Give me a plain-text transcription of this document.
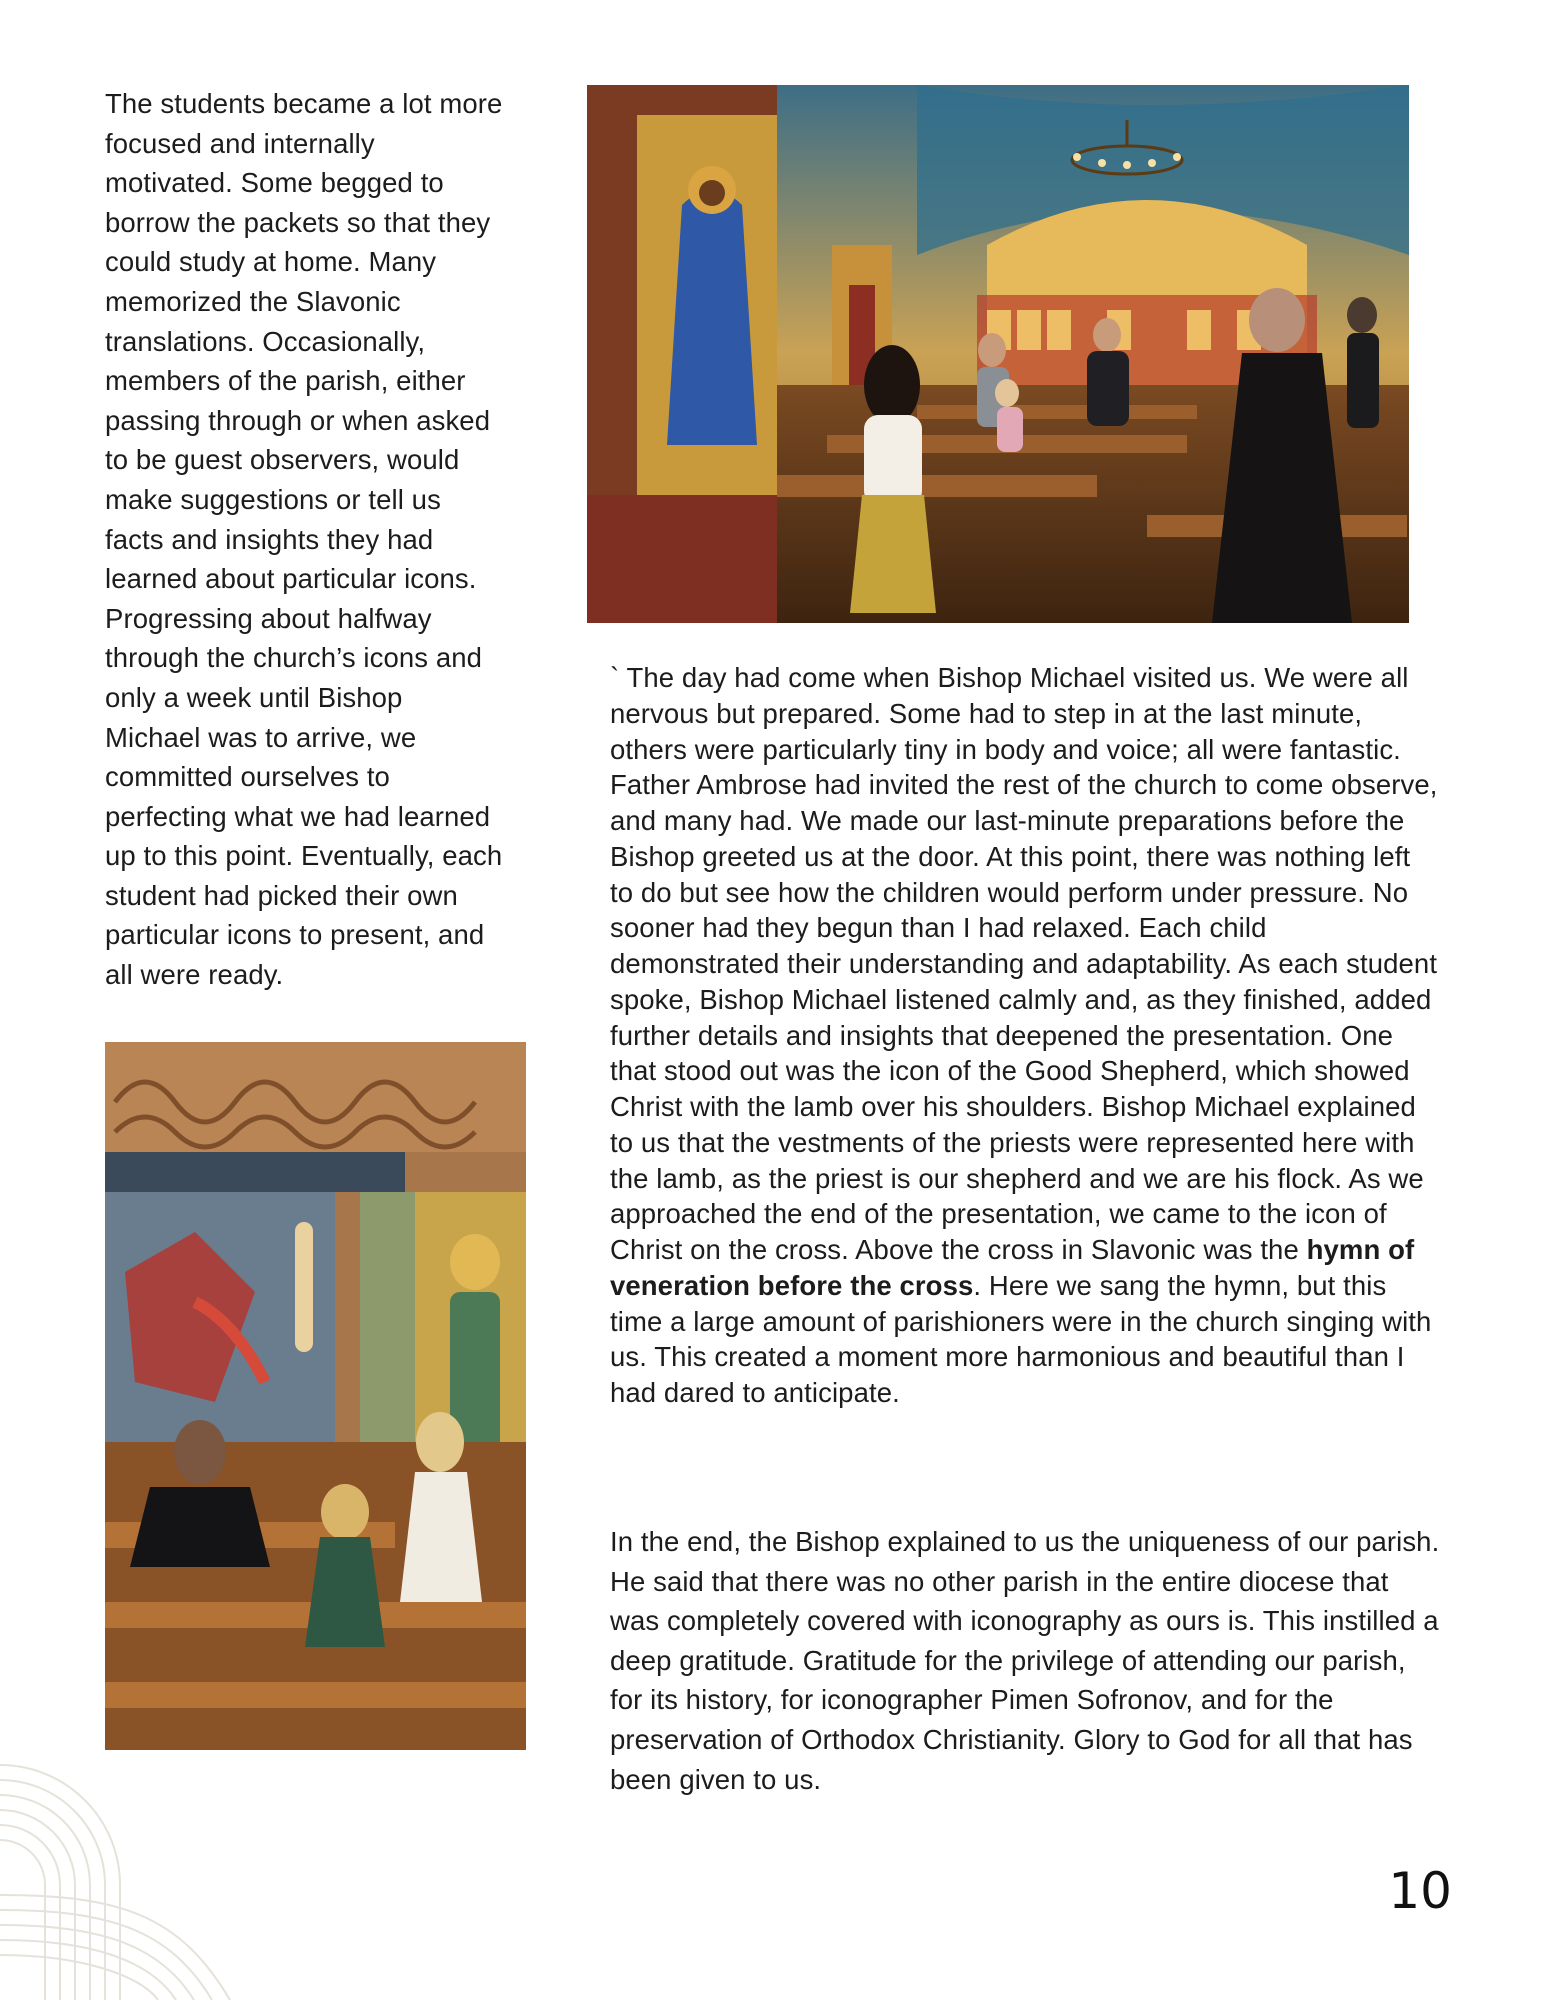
The students became a lot more focused and internally motivated. Some begged to borrow the packets so that they could study at home. Many memorized the Slavonic translations. Occasionally, members of the parish, either passing through or when asked to be guest observers, would make suggestions or tell us facts and insights they had learned about particular icons. Progressing about halfway through the church’s icons and only a week until Bishop Michael was to arrive, we committed ourselves to perfecting what we had learned up to this point. Eventually, each student had picked their own particular icons to present, and all were ready.

` The day had come when Bishop Michael visited us. We were all nervous but prepared. Some had to step in at the last minute, others were particularly tiny in body and voice; all were fantastic. Father Ambrose had invited the rest of the church to come observe, and many had. We made our last-minute preparations before the Bishop greeted us at the door. At this point, there was nothing left to do but see how the children would perform under pressure. No sooner had they begun than I had relaxed. Each child demonstrated their understanding and adaptability. As each student spoke, Bishop Michael listened calmly and, as they finished, added further details and insights that deepened the presentation. One that stood out was the icon of the Good Shepherd, which showed Christ with the lamb over his shoulders. Bishop Michael explained to us that the vestments of the priests were represented here with the lamb, as the priest is our shepherd and we are his flock. As we approached the end of the presentation, we came to the icon of Christ on the cross. Above the cross in Slavonic was the hymn of veneration before the cross. Here we sang the hymn, but this time a large amount of parishioners were in the church singing with us. This created a moment more harmonious and beautiful than I had dared to anticipate.

In the end, the Bishop explained to us the uniqueness of our parish. He said that there was no other parish in the entire diocese that was completely covered with iconography as ours is. This instilled a deep gratitude. Gratitude for the privilege of attending our parish, for its history, for iconographer Pimen Sofronov, and for the preservation of Orthodox Christianity. Glory to God for all that has been given to us.

10
